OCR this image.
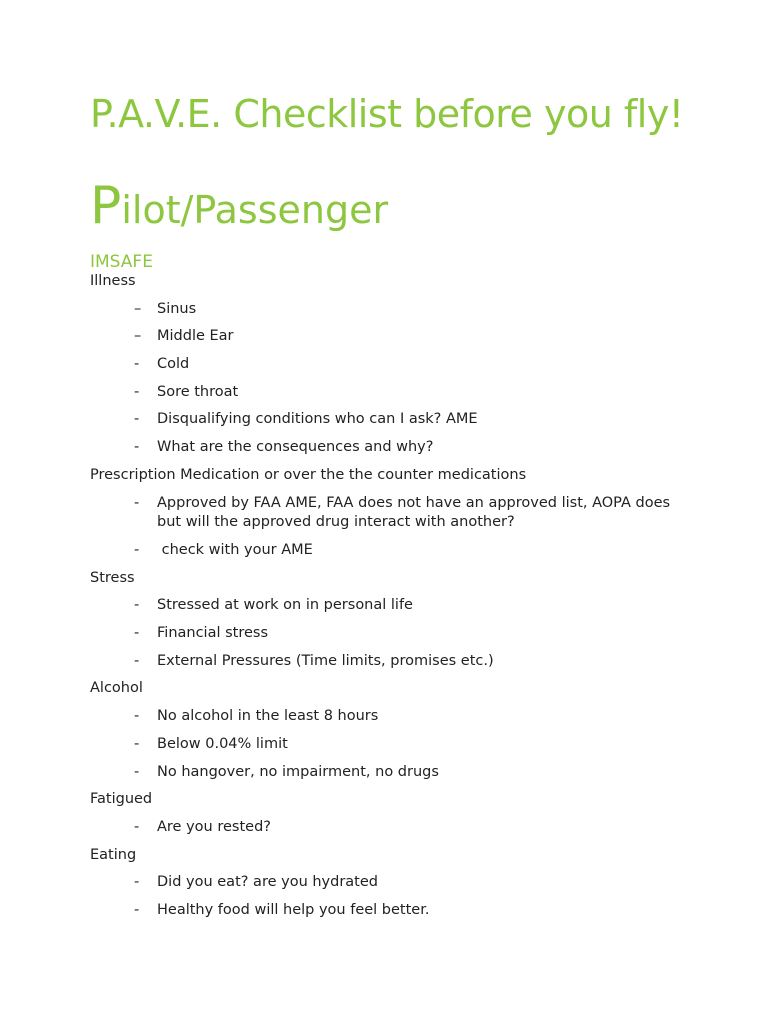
P.A.V.E. Checklist before you fly!
Pilot/Passenger
IMSAFE

Illness

– Sinus
– Middle Ear
- Cold
- Sore throat
- Disqualifying conditions who can I ask? AME
- What are the consequences and why?

Prescription Medication or over the the counter medications

- Approved by FAA AME, FAA does not have an approved list, AOPA does but will the approved drug interact with another?
- check with your AME

Stress

- Stressed at work on in personal life
- Financial stress
- External Pressures (Time limits, promises etc.)

Alcohol

- No alcohol in the least 8 hours
- Below 0.04% limit
- No hangover, no impairment, no drugs

Fatigued

- Are you rested?

Eating

- Did you eat? are you hydrated
- Healthy food will help you feel better.
